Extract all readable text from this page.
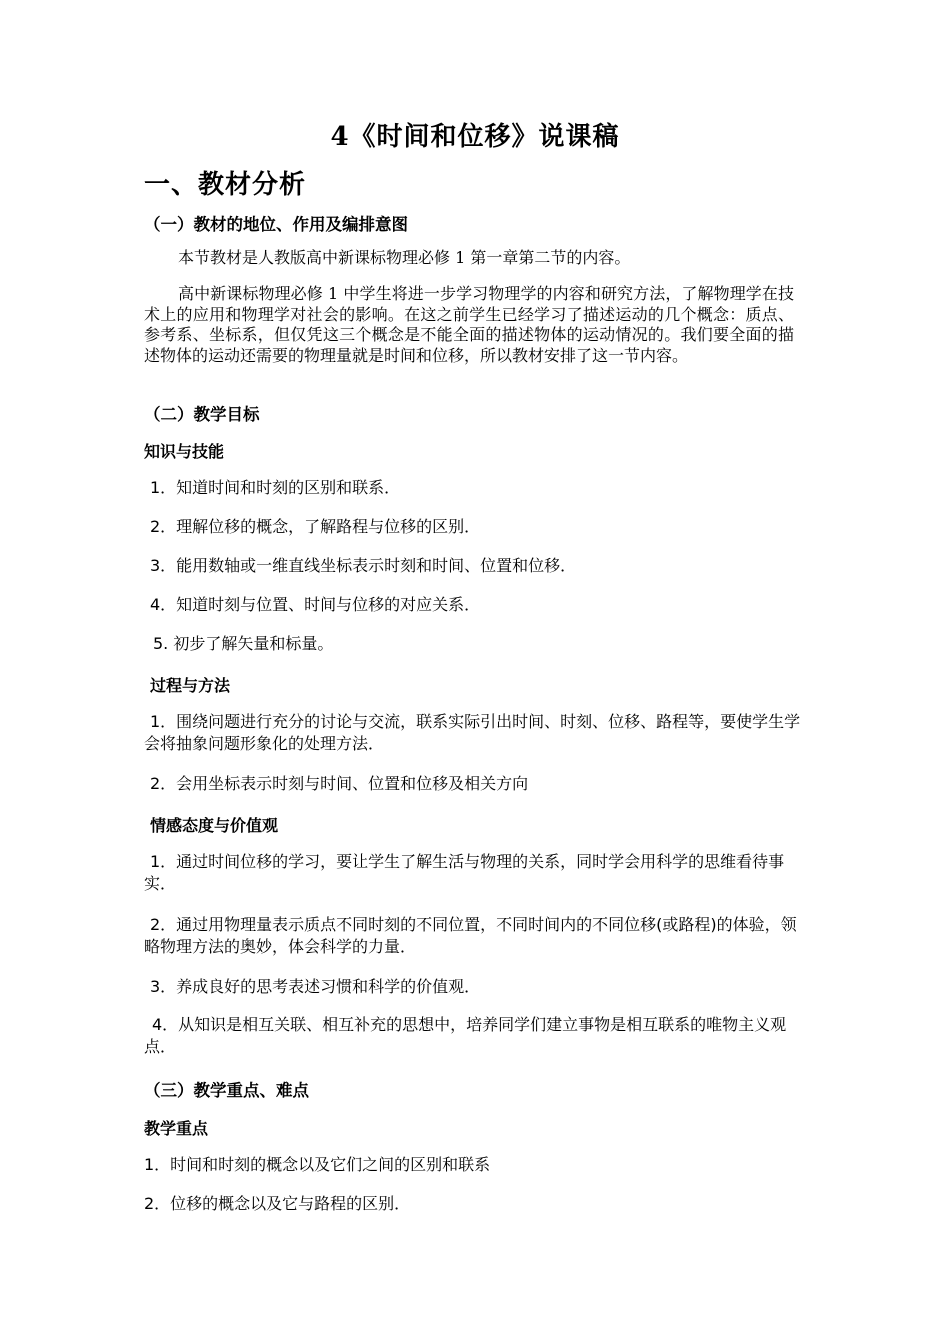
4《时间和位移》说课稿
一、教材分析
（一）教材的地位、作用及编排意图
本节教材是人教版高中新课标物理必修 1 第一章第二节的内容。
高中新课标物理必修 1 中学生将进一步学习物理学的内容和研究方法，了解物理学在技术上的应用和物理学对社会的影响。在这之前学生已经学习了描述运动的几个概念：质点、参考系、坐标系，但仅凭这三个概念是不能全面的描述物体的运动情况的。我们要全面的描述物体的运动还需要的物理量就是时间和位移，所以教材安排了这一节内容。
（二）教学目标
知识与技能
1．知道时间和时刻的区别和联系．
2．理解位移的概念，了解路程与位移的区别．
3．能用数轴或一维直线坐标表示时刻和时间、位置和位移．
4．知道时刻与位置、时间与位移的对应关系．
5. 初步了解矢量和标量。
过程与方法
1．围绕问题进行充分的讨论与交流，联系实际引出时间、时刻、位移、路程等，要使学生学会将抽象问题形象化的处理方法．
2．会用坐标表示时刻与时间、位置和位移及相关方向
情感态度与价值观
1．通过时间位移的学习，要让学生了解生活与物理的关系，同时学会用科学的思维看待事实．
2．通过用物理量表示质点不同时刻的不同位置，不同时间内的不同位移(或路程)的体验，领略物理方法的奥妙，体会科学的力量．
3．养成良好的思考表述习惯和科学的价值观．
4．从知识是相互关联、相互补充的思想中，培养同学们建立事物是相互联系的唯物主义观点．
（三）教学重点、难点
教学重点
1．时间和时刻的概念以及它们之间的区别和联系
2．位移的概念以及它与路程的区别．
